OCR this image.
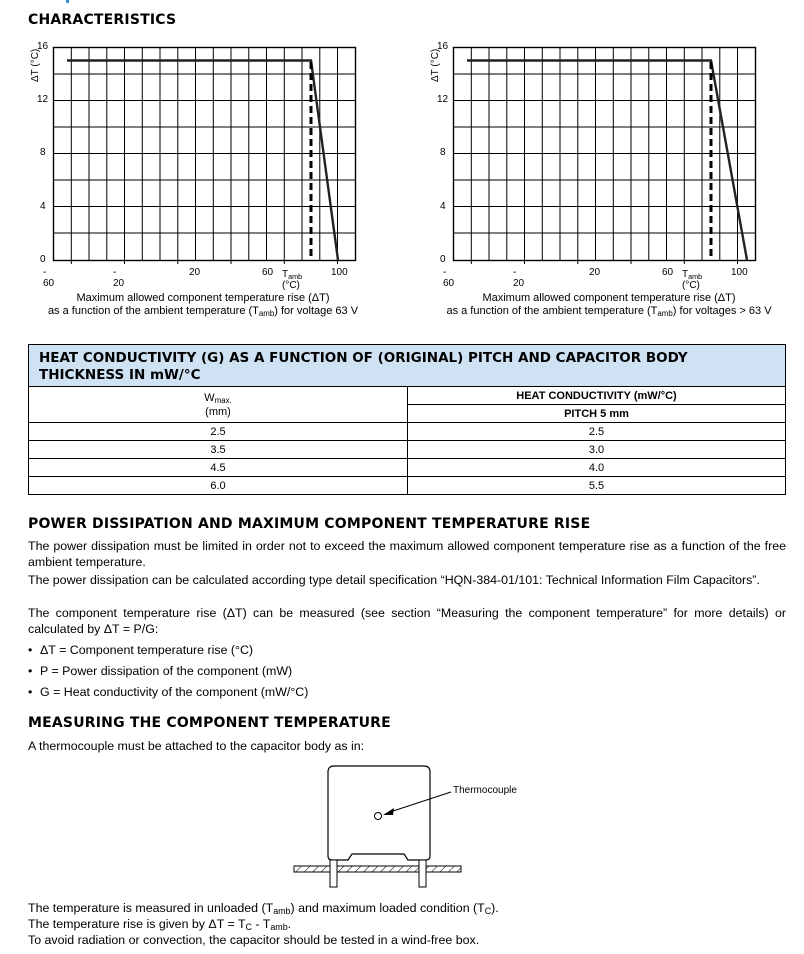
CHARACTERISTICS
ΔT (°C)
16
12
8
4
0
- 60
- 20
20	60	100
$T_{amb}$ (°C)
Maximum allowed component temperature rise (ΔT)
as a function of the ambient temperature $(T_{amb})$ for voltage 63 V
ΔT (°C)
16
12
8
4
0
- 60
- 20
20	60	100
$T_{amb}$ (°C)
Maximum allowed component temperature rise (ΔT)
as a function of the ambient temperature $(T_{amb})$ for voltages > 63 V
HEAT CONDUCTIVITY (G) AS A FUNCTION OF (ORIGINAL) PITCH AND CAPACITOR BODY
THICKNESS IN mW/°C	

$W_{max.}$
(mm)	HEAT CONDUCTIVITY (mW/°C)
	PITCH 5 mm
2.5	2.5
3.5	3.0
4.5	4.0
6.0	5.5
POWER DISSIPATION AND MAXIMUM COMPONENT TEMPERATURE RISE
The power dissipation must be limited in order not to exceed the maximum allowed component temperature rise as a function of the free ambient temperature.
The power dissipation can be calculated according type detail specification “HQN-384-01/101: Technical Information Film Capacitors”.
The component temperature rise (ΔT) can be measured (see section “Measuring the component temperature” for more details) or calculated by ΔT = P/G:
• ΔT = Component temperature rise (°C)
• P = Power dissipation of the component (mW)
• G = Heat conductivity of the component (mW/°C)
MEASURING THE COMPONENT TEMPERATURE
A thermocouple must be attached to the capacitor body as in:
Thermocouple
The temperature is measured in unloaded $(T_{amb})$ and maximum loaded condition $(T_C)$.
The temperature rise is given by $\Delta T = T_C - T_{amb}$.
To avoid radiation or convection, the capacitor should be tested in a wind-free box.
